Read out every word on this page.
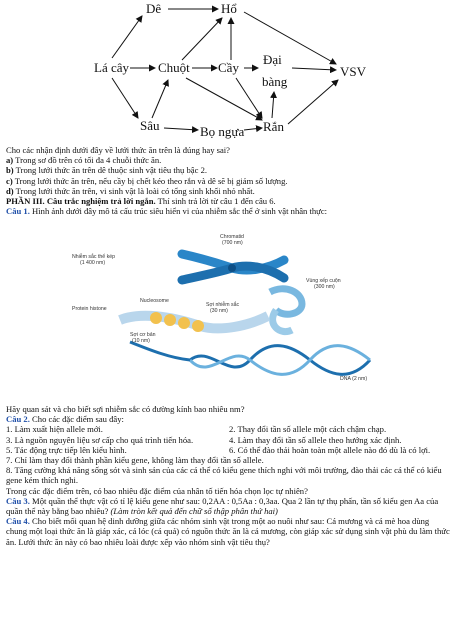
Dê	Hổ
Lá cây Chuột Cầy
Đại
bàng
VSV
Sâu	Bọ ngựa Rắn

Cho các nhận định dưới đây về lưới thức ăn trên là đúng hay sai?

a) Trong sơ đồ trên có tối đa 4 chuỗi thức ăn.

b) Trong lưới thức ăn trên dê thuộc sinh vật tiêu thụ bậc 2.

c) Trong lưới thức ăn trên, nếu cầy bị chết kéo theo rắn và dê sẽ bị giảm số lượng.

d) Trong lưới thức ăn trên, vi sinh vật là loài có tổng sinh khối nhỏ nhất.

PHẦN III. Câu trắc nghiệm trả lời ngắn. Thí sinh trả lời từ câu 1 đến câu 6.

Câu 1. Hình ảnh dưới đây mô tả cấu trúc siêu hiển vi của nhiễm sắc thể ở sinh vật nhân thực:

Chromatid
(700 nm)
Nhiễm sắc thể kép
(1 400 nm)
Vùng xếp cuộn
(300 nm)
Nucleosome
Protein histone
Sợi nhiễm sắc
(30 nm)
Sợi cơ bản
(10 nm)
DNA (2 nm)

Hãy quan sát và cho biết sợi nhiễm sắc có đường kính bao nhiêu nm?

Câu 2. Cho các đặc điểm sau đây:

1. Làm xuất hiện allele mới.	2. Thay đổi tần số allele một cách chậm chạp.
3. Là nguồn nguyên liệu sơ cấp cho quá trình tiến hóa.	4. Làm thay đổi tần số allele theo hướng xác định.
5. Tác động trực tiếp lên kiểu hình.	6. Có thể đào thải hoàn toàn một allele nào đó dù là có lợi.

7. Chỉ làm thay đổi thành phần kiểu gene, không làm thay đổi tần số allele.

8. Tăng cường khả năng sống sót và sinh sản của các cá thể có kiểu gene thích nghi với môi trường, đào thải các cá thể có kiểu gene kém thích nghi.

Trong các đặc điểm trên, có bao nhiêu đặc điểm của nhân tố tiến hóa chọn lọc tự nhiên?

Câu 3. Một quần thể thực vật có tỉ lệ kiểu gene như sau: 0,2AA : 0,5Aa : 0,3aa. Qua 2 lần tự thụ phấn, tần số kiểu gen Aa của quần thể này bằng bao nhiêu? (Làm tròn kết quả đến chữ số thập phân thứ hai)

Câu 4. Cho biết mối quan hệ dinh dưỡng giữa các nhóm sinh vật trong một ao nuôi như sau: Cá mương và cá mè hoa dùng chung một loại thức ăn là giáp xác, cá lóc (cá quả) có nguồn thức ăn là cá mương, còn giáp xác sử dụng sinh vật phù du làm thức ăn. Lưới thức ăn này có bao nhiêu loài được xếp vào nhóm sinh vật tiêu thụ?
